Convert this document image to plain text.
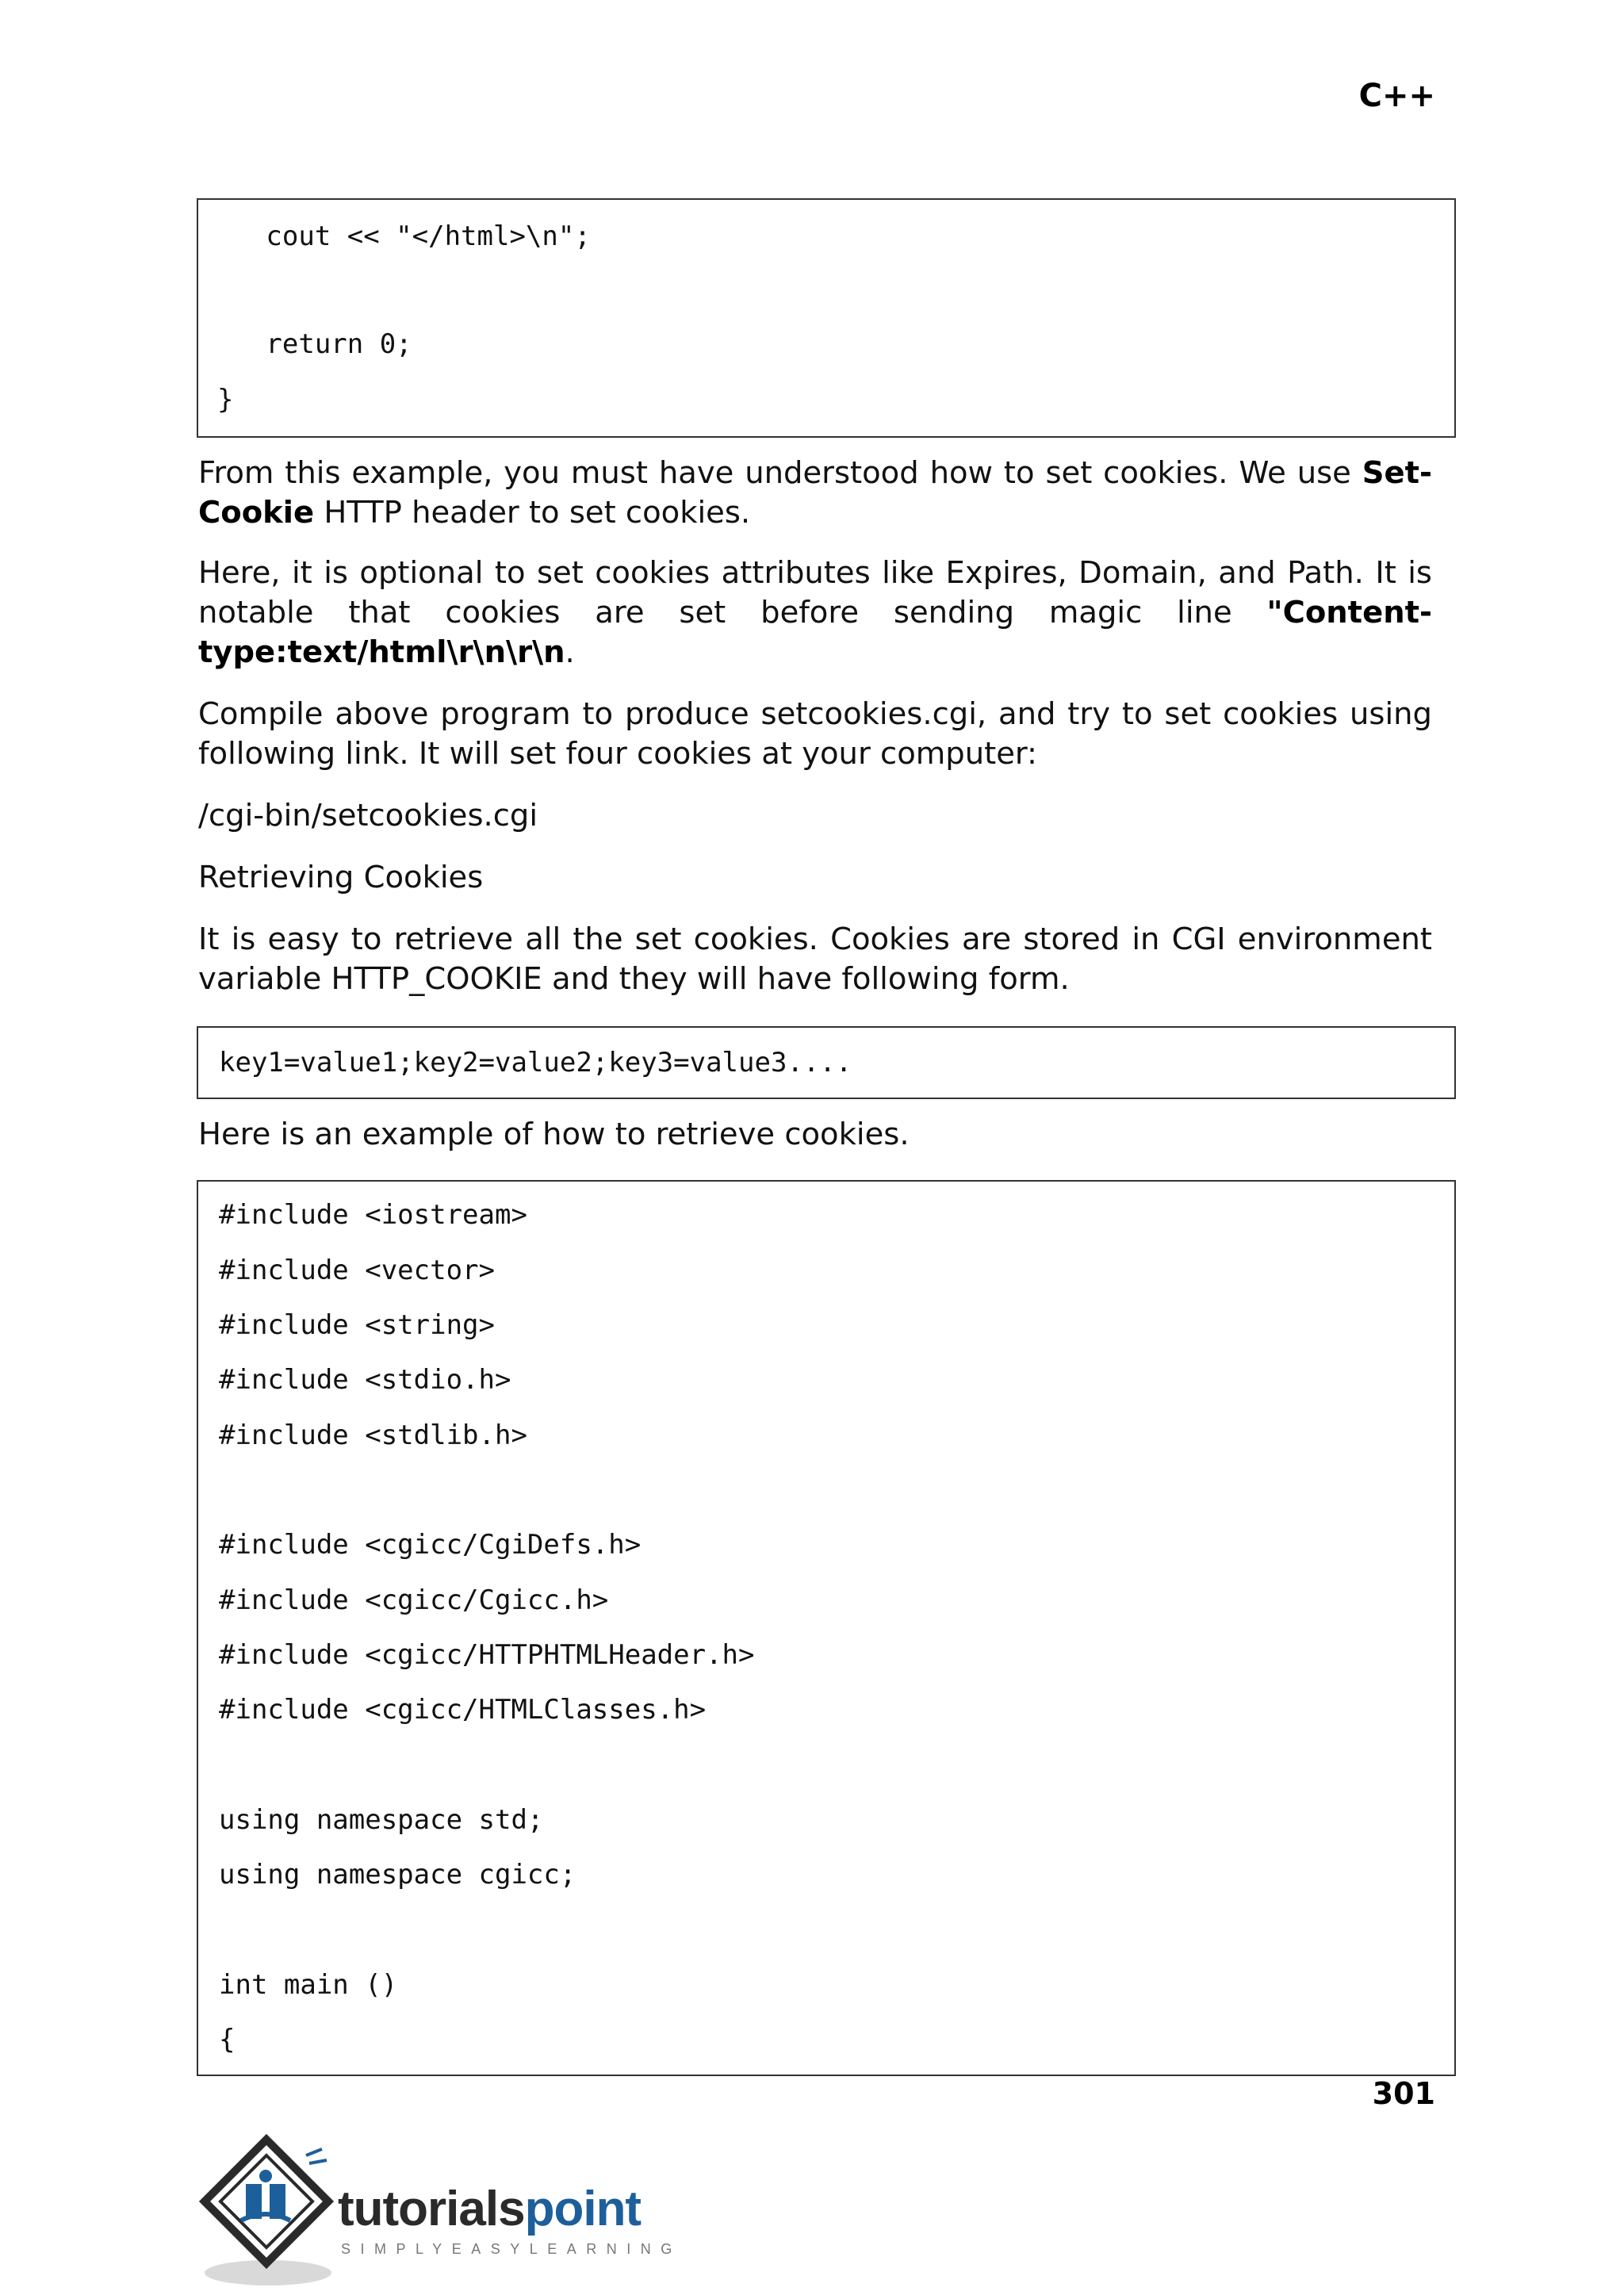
C++
cout << "</html>\n";
return 0;
}

From this example, you must have understood how to set cookies. We use Set-Cookie HTTP header to set cookies.

Here, it is optional to set cookies attributes like Expires, Domain, and Path. It is notable that cookies are set before sending magic line "Content-type:text/html\r\n\r\n.

Compile above program to produce setcookies.cgi, and try to set cookies using following link. It will set four cookies at your computer:

/cgi-bin/setcookies.cgi

Retrieving Cookies

It is easy to retrieve all the set cookies. Cookies are stored in CGI environment variable HTTP_COOKIE and they will have following form.

key1=value1;key2=value2;key3=value3....

Here is an example of how to retrieve cookies.

#include <iostream>
#include <vector>
#include <string>
#include <stdio.h>
#include <stdlib.h>
#include <cgicc/CgiDefs.h>
#include <cgicc/Cgicc.h>
#include <cgicc/HTTPHTMLHeader.h>
#include <cgicc/HTMLClasses.h>
using namespace std;
using namespace cgicc;
int main ()
{
301
tutorialspoint
SIMPLYEASYLEARNING
